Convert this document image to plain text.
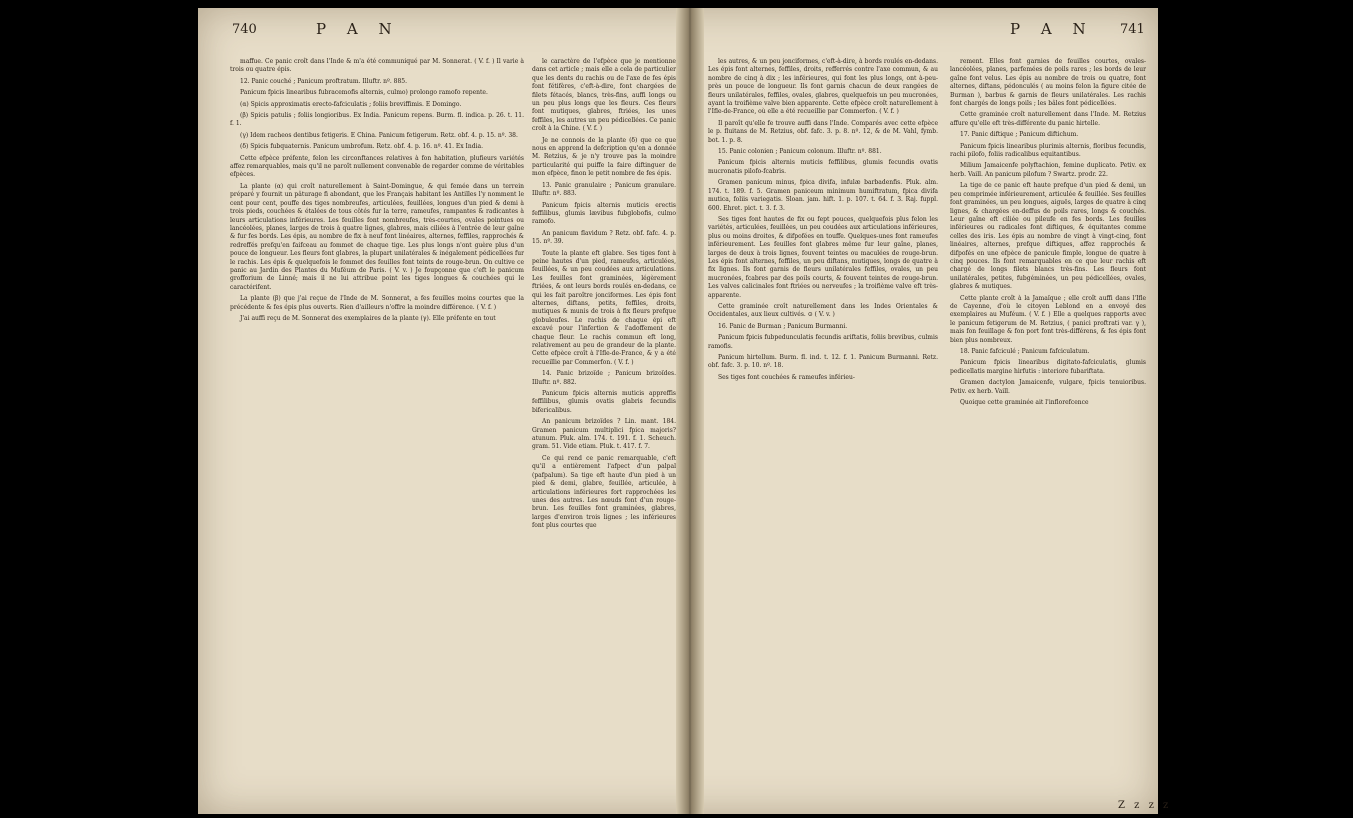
740	P A N	741
P A N

maffue. Ce panic croît dans l'Inde & m'a été communiqué par M. Sonnerat. ( V. f. ) Il varie à trois ou quatre épis.

12. Panic couché ; Panicum proftratum. Illuftr. nº. 885.

Panicum fpicis linearibus fubracemofis alternis, culmo) prolongo ramofo repente.

(α) Spicis approximatis erecto-fafciculatis ; foliis breviffimis. E Domingo.

(β) Spicis patulis ; foliis longioribus. Ex India. Panicum repens. Burm. fl. indica. p. 26. t. 11. f. 1.

(γ) Idem racheos dentibus fetigeris. E China. Panicum fetigerum. Retz. obf. 4. p. 15. nº. 38.

(δ) Spicis fubquaternis. Panicum umbrofum. Retz. obf. 4. p. 16. nº. 41. Ex India.

Cette efpèce préfente, felon les circonftances relatives à fon habitation, plufieurs variétés affez remarquables, mais qu'il ne paroît nullement convenable de regarder comme de véritables efpèces.

La plante (α) qui croît naturellement à Saint-Domingue, & qui femée dans un terrein préparé y fournit un pâturage fi abondant, que les Français habitant les Antilles l'y nomment le cent pour cent, pouffe des tiges nombreufes, articulées, feuillées, longues d'un pied & demi à trois pieds, couchées & étalées de tous côtés fur la terre, rameufes, rampantes & radicantes à leurs articulations inférieures. Les feuilles font nombreufes, très-courtes, ovales pointues ou lancéolées, planes, larges de trois à quatre lignes, glabres, mais ciliées à l'entrée de leur gaîne & fur fes bords. Les épis, au nombre de fix à neuf font linéaires, alternes, feffiles, rapprochés & redreffés prefqu'en faifceau au fommet de chaque tige. Les plus longs n'ont guère plus d'un pouce de longueur. Les fleurs font glabres, la plupart unilatérales & inégalement pédicellées fur le rachis. Les épis & quelquefois le fommet des feuilles font teints de rouge-brun. On cultive ce panic au Jardin des Plantes du Muféum de Paris. ( V. v. ) Je foupçonne que c'eft le panicum grofforium de Linné; mais il ne lui attribue point les tiges longues & couchées qui le caractérifent.

La plante (β) que j'ai reçue de l'Inde de M. Sonnerat, a fes feuilles moins courtes que la précédente & fes épis plus ouverts. Rien d'ailleurs n'offre la moindre différence. ( V. f. )

J'ai auffi reçu de M. Sonnerat des exemplaires de la plante (γ). Elle préfente en tout

le caractère de l'efpèce que je mentionne dans cet article ; mais elle a cela de particulier que les dents du rachis ou de l'axe de fes épis font fétifères, c'eft-à-dire, font chargées de filets fétacés, blancs, très-fins, auffi longs ou un peu plus longs que les fleurs. Ces fleurs font mutiques, glabres, ftriées, les unes feffiles, les autres un peu pédicellées. Ce panic croît à la Chine. ( V. f. )

Je ne connois de la plante (δ) que ce que nous en apprend la defcription qu'en a donnée M. Retzius, & je n'y trouve pas la moindre particularité qui puiffe la faire diftinguer de mon efpèce, finon le petit nombre de fes épis.

13. Panic granulaire ; Panicum granulare. Illuftr. nº. 883.

Panicum fpicis alternis muticis erectis feffilibus, glumis lævibus fubglobofis, culmo ramofo.

An panicum flavidum ? Retz. obf. fafc. 4. p. 15. nº. 39.

Toute la plante eft glabre. Ses tiges font à peine hautes d'un pied, rameufes, articulées, feuillées, & un peu coudées aux articulations. Les feuilles font graminées, légèrement ftriées, & ont leurs bords roulés en-dedans, ce qui les fait paroître jonciformes. Les épis font alternes, diftans, petits, feffiles, droits, mutiques & munis de trois à fix fleurs prefque globuleufes. Le rachis de chaque épi eft excavé pour l'infertion & l'adoffement de chaque fleur. Le rachis commun eft long, relativement au peu de grandeur de la plante. Cette efpèce croît à l'Ifle-de-France, & y a été recueillie par Commerfon. ( V. f. )

14. Panic brizoïde ; Panicum brizoïdes. Illuftr. nº. 882.

Panicum fpicis alternis muticis appreffis feffilibus, glumis ovatis glabris fecundis bifericalibus.

An panicum brizoïdes ? Lin. mant. 184. Gramen panicum multiplici fpica majoris? atunum. Pluk. alm. 174. t. 191. f. 1. Scheuch. gram. 51. Vide etiam. Pluk. t. 417. f. 7.

Ce qui rend ce panic remarquable, c'eft qu'il a entièrement l'afpect d'un palpal (pafpalum). Sa tige eft haute d'un pied à un pied & demi, glabre, feuillée, articulée, à articulations inférieures fort rapprochées les unes des autres. Les nœuds font d'un rouge-brun. Les feuilles font graminées, glabres, larges d'environ trois lignes ; les inférieures font plus courtes que

les autres, & un peu jonciformes, c'eft-à-dire, à bords roulés en-dedans. Les épis font alternes, feffiles, droits, refferrés contre l'axe commun, & au nombre de cinq à dix ; les inférieures, qui font les plus longs, ont à-peu-près un pouce de longueur. Ils font garnis chacun de deux rangées de fleurs unilatérales, feffiles, ovales, glabres, quelquefois un peu mucronées, ayant la troifième valve bien apparente. Cette efpèce croît naturellement à l'Ifle-de-France, où elle a été recueillie par Commerfon. ( V. f. )

Il paroît qu'elle fe trouve auffi dans l'Inde. Comparés avec cette efpèce le p. fluitans de M. Retzius, obf. fafc. 3. p. 8. nº. 12, & de M. Vahl, fymb. bot. 1. p. 8.

15. Panic colonien ; Panicum colonum. Illuftr. nº. 881.

Panicum fpicis alternis muticis feffilibus, glumis fecundis ovatis mucronatis pilofo-fcabris.

Gramen panicum minus, fpica divifa, infulæ barbadenfis. Pluk. alm. 174. t. 189. f. 5. Gramen paniceum minimum humiftratum, fpica divifa mutica, foliis variegatis. Sloan. jam. hift. 1. p. 107. t. 64. f. 3. Raj. fuppl. 600. Ehret. pict. t. 3. f. 3.

Ses tiges font hautes de fix ou fept pouces, quelquefois plus felon les variétés, articulées, feuillées, un peu coudées aux articulations inférieures, plus ou moins droites, & difpofées en touffe. Quelques-unes font rameufes inférieurement. Les feuilles font glabres même fur leur gaîne, planes, larges de deux à trois lignes, fouvent teintes ou maculées de rouge-brun. Les épis font alternes, feffiles, un peu diftans, mutiques, longs de quatre à fix lignes. Ils font garnis de fleurs unilatérales feffiles, ovales, un peu mucronées, fcabres par des poils courts, & fouvent teintes de rouge-brun. Les valves calicinales font ftriées ou nerveufes ; la troifième valve eft très-apparente.

Cette graminée croît naturellement dans les Indes Orientales & Occidentales, aux lieux cultivés. ⊙ ( V. v. )

16. Panic de Burman ; Panicum Burmanni.

Panicum fpicis fubpedunculatis fecundis ariftatis, foliis brevibus, culmis ramofis.

Panicum hirtellum. Burm. fl. ind. t. 12. f. 1. Panicum Burmanni. Retz. obf. fafc. 3. p. 10. nº. 18.

Ses tiges font couchées & rameufes inférieu-

rement. Elles font garnies de feuilles courtes, ovales-lancéolées, planes, parfemées de poils rares ; les bords de leur gaîne font velus. Les épis au nombre de trois ou quatre, font alternes, diftans, pédonculés ( au moins felon la figure citée de Burman ), barbus & garnis de fleurs unilatérales. Les rachis font chargés de longs poils ; les bâles font pédicellées.

Cette graminée croît naturellement dans l'Inde. M. Retzius affure qu'elle eft très-différente du panic hirtelle.

17. Panic diftique ; Panicum diftichum.

Panicum fpicis linearibus plurimis alternis, floribus fecundis, rachi pilofo, foliis radicalibus equitantibus.

Milium Jamaicenfe polyftachion, femine duplicato. Petiv. ex herb. Vaill. An panicum pilofum ? Swartz. prodr. 22.

La tige de ce panic eft haute prefque d'un pied & demi, un peu comprimée inférieurement, articulée & feuillée. Ses feuilles font graminées, un peu longues, aiguës, larges de quatre à cinq lignes, & chargées en-deffus de poils rares, longs & couchés. Leur gaîne eft ciliée ou pileufe en fes bords. Les feuilles inférieures ou radicales font diftiques, & équitantes comme celles des iris. Les épis au nombre de vingt à vingt-cinq, font linéaires, alternes, prefque diftiques, affez rapprochés & difpofés en une efpèce de panicule fimple, longue de quatre à cinq pouces. Ils font remarquables en ce que leur rachis eft chargé de longs filets blancs très-fins. Les fleurs font unilatérales, petites, fubgéminées, un peu pédicellées, ovales, glabres & mutiques.

Cette plante croît à la Jamaïque ; elle croît auffi dans l'Ifle de Cayenne, d'où le citoyen Leblond en a envoyé des exemplaires au Muféum. ( V. f. ) Elle a quelques rapports avec le panicum fetigerum de M. Retzius, ( panici proftrati var. γ ), mais fon feuillage & fon port font très-différens, & fes épis font bien plus nombreux.

18. Panic fafciculé ; Panicum fafciculatum.

Panicum fpicis linearibus digitato-fafciculatis, glumis pedicellatis margine hirfutis : interiore fubariftata.

Gramen dactylon Jamaicenfe, vulgare, fpicis tenuioribus. Petiv. ex herb. Vaill.

Quoique cette graminée ait l'inflorefcence

Z z z z
